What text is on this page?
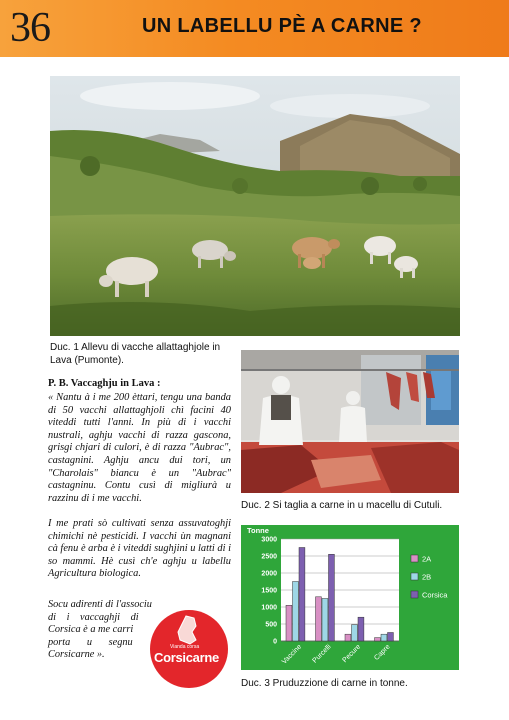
36	UN LABELLU PÈ A CARNE ?
Duc. 1 Allevu di vacche allattaghjole in
Lava (Pumonte).
Duc. 2 Si taglia a carne in u macellu di Cutuli.
P. B. Vaccaghju in Lava :
« Nantu à i me 200 èttari, tengu una banda di 50 vacchi allattaghjoli chì facini 40 viteddi tutti l'anni. In più di i vacchi nustrali, aghju vacchi di razza gascona, grisgi chjari di culori, è di razza "Aubrac", castagnini. Aghju ancu dui tori, un "Charolais" biancu è un "Aubrac" castagninu. Contu cusì di migliurà u razzinu di i me vacchi.
I me prati sò cultivati senza assuvatoghji chimichi nè pesticidi. I vacchi ùn magnani cà fenu è arba è i viteddi sughjini u latti di i so mammi. Hè cusì ch'e aghju u labellu Agricultura biologica.
Socu adirenti di l'associu
di i vaccaghji di
Corsica è a me carri
porta u segnu
Corsicarne ».
Vianda corsa
Corsicarne
Tonne
0
500
1000
1500
2000
2500
3000
Vaccine Purcelli Pecure Capre
2A
2B
Corsica
Duc. 3 Pruduzzione di carne in tonne.
